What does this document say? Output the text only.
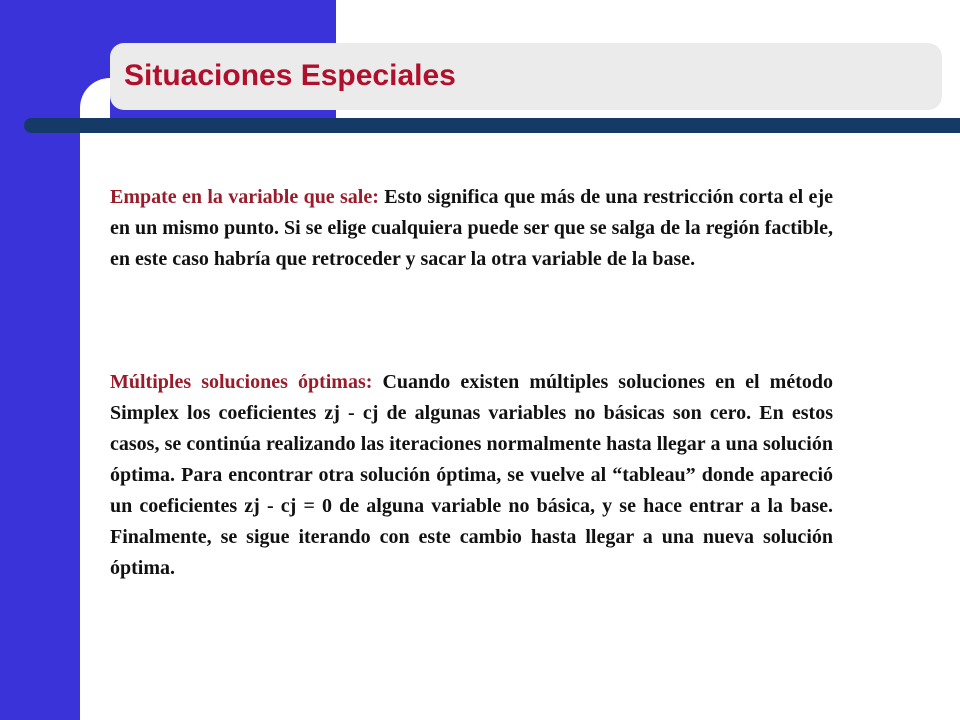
Situaciones Especiales

Empate en la variable que sale: Esto significa que más de una restricción corta el eje en un mismo punto. Si se elige cualquiera puede ser que se salga de la región factible, en este caso habría que retroceder y sacar la otra variable de la base.

Múltiples soluciones óptimas: Cuando existen múltiples soluciones en el método Simplex los coeficientes zj - cj de algunas variables no básicas son cero. En estos casos, se continúa realizando las iteraciones normalmente hasta llegar a una solución óptima. Para encontrar otra solución óptima, se vuelve al “tableau” donde apareció un coeficientes zj - cj = 0 de alguna variable no básica, y se hace entrar a la base. Finalmente, se sigue iterando con este cambio hasta llegar a una nueva solución óptima.
